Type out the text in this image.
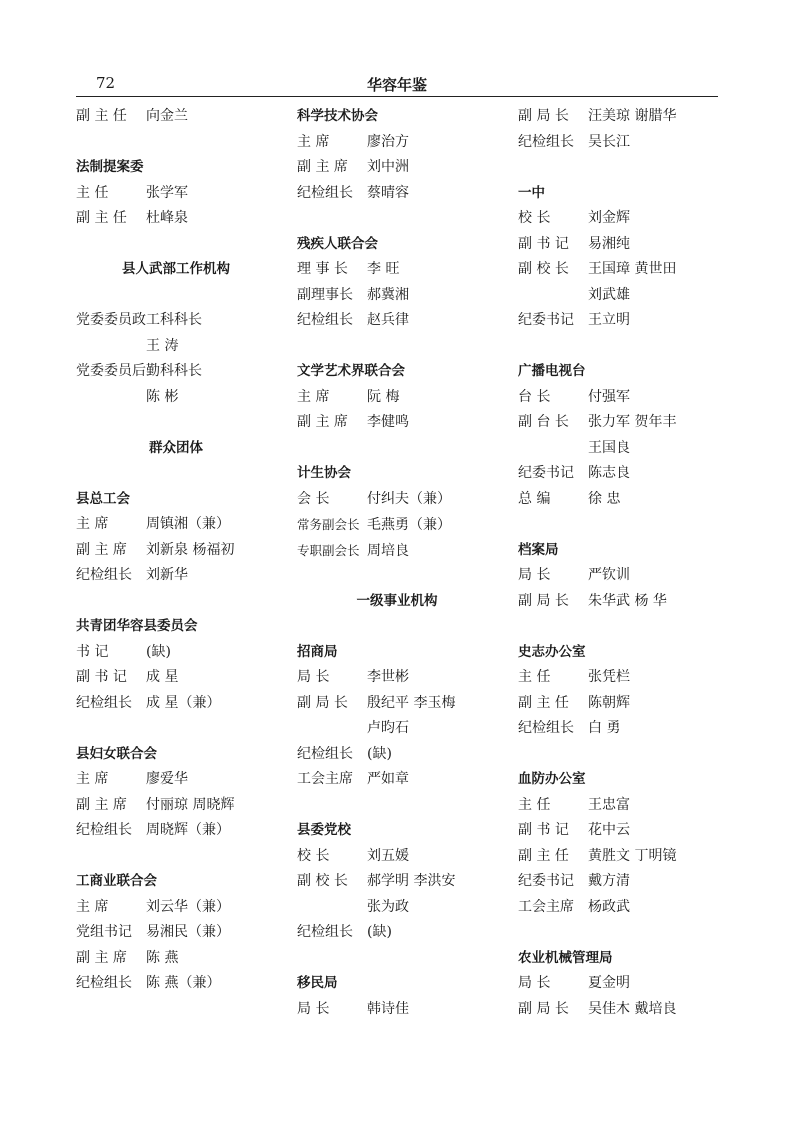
72	华容年鉴
副 主 任 向金兰
法制提案委
主 任	张学军
副 主 任 杜峰泉
县人武部工作机构
党委委员政工科科长
王 涛
党委委员后勤科科长
陈 彬
群众团体
县总工会
主 席	周镇湘（兼）
副 主 席 刘新泉 杨福初
纪检组长 刘新华
共青团华容县委员会
书 记	(缺)
副 书 记 成 星
纪检组长 成 星（兼）
县妇女联合会
主 席	廖爱华
副 主 席 付丽琼 周晓辉
纪检组长 周晓辉（兼）
工商业联合会
主 席	刘云华（兼）
党组书记 易湘民（兼）
副 主 席 陈 燕
纪检组长 陈 燕（兼）
科学技术协会
主 席	廖治方
副 主 席 刘中洲
纪检组长 蔡晴容
残疾人联合会
理 事 长 李 旺
副理事长 郝冀湘
纪检组长 赵兵律
文学艺术界联合会
主 席	阮 梅
副 主 席 李健鸣
计生协会
会 长	付纠夫（兼）
常务副会长 毛燕勇（兼）
专职副会长 周培良
一级事业机构
招商局
局 长	李世彬
副 局 长 殷纪平 李玉梅
卢昀石
纪检组长 (缺)
工会主席 严如章
县委党校
校 长	刘五媛
副 校 长 郝学明 李洪安
张为政
纪检组长 (缺)
移民局
局 长	韩诗佳
副 局 长 汪美琼 谢腊华
纪检组长 吴长江
一中
校 长	刘金辉
副 书 记 易湘纯
副 校 长 王国璋 黄世田
刘武雄
纪委书记 王立明
广播电视台
台 长	付强军
副 台 长 张力军 贺年丰
王国良
纪委书记 陈志良
总 编	徐 忠
档案局
局 长	严钦训
副 局 长 朱华武 杨 华
史志办公室
主 任	张凭栏
副 主 任 陈朝辉
纪检组长 白 勇
血防办公室
主 任	王忠富
副 书 记 花中云
副 主 任 黄胜文 丁明镜
纪委书记 戴方清
工会主席 杨政武
农业机械管理局
局 长	夏金明
副 局 长 吴佳木 戴培良
